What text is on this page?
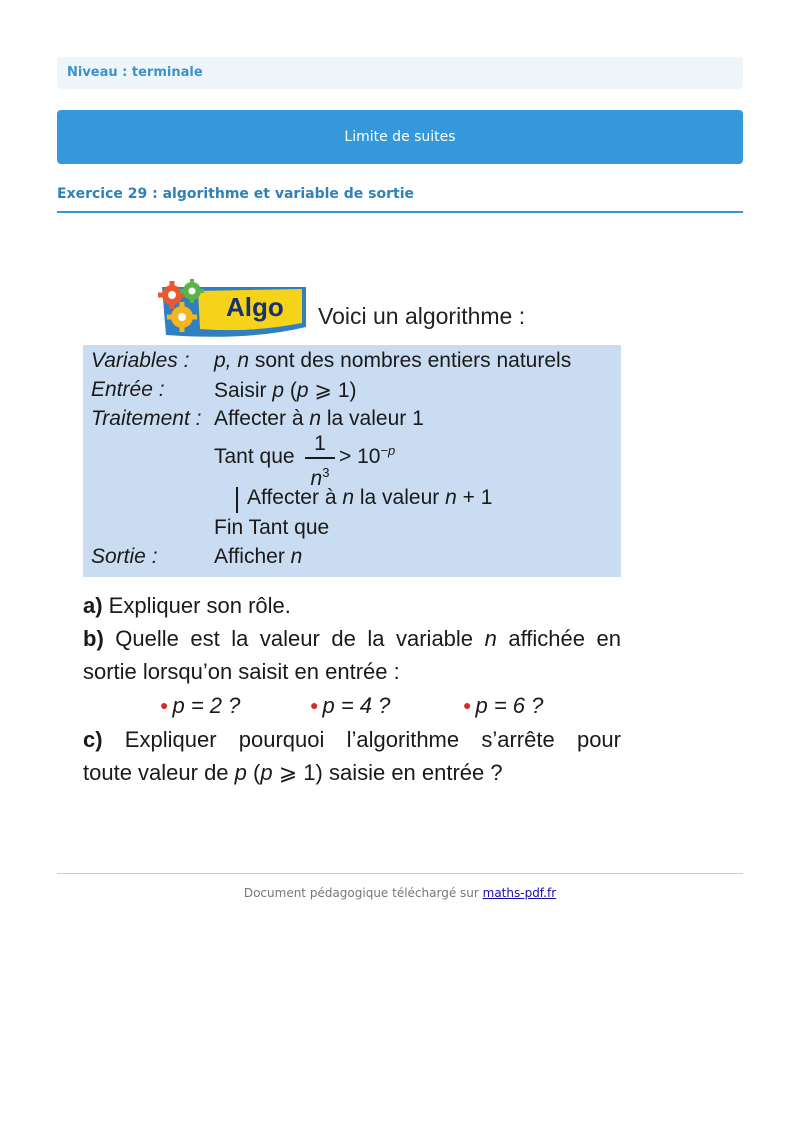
Niveau : terminale
Limite de suites
Exercice 29 : algorithme et variable de sortie
Algo Voici un algorithme :
Variables : p, n sont des nombres entiers naturels
Entrée : Saisir p (p ⩾ 1)
Traitement : Affecter à n la valeur 1
Tant que
1
$n^3$
> $10^{-p}$
Affecter à n la valeur n + 1
Fin Tant que
Sortie :	Afficher n
a) Expliquer son rôle.
b) Quelle est la valeur de la variable n affichée en
sortie lorsqu’on saisit en entrée :
● p = 2 ?	● p = 4 ?	● p = 6 ?
c) Expliquer pourquoi l’algorithme s’arrête pour
toute valeur de p (p ⩾ 1) saisie en entrée ?
Document pédagogique téléchargé sur maths-pdf.fr
